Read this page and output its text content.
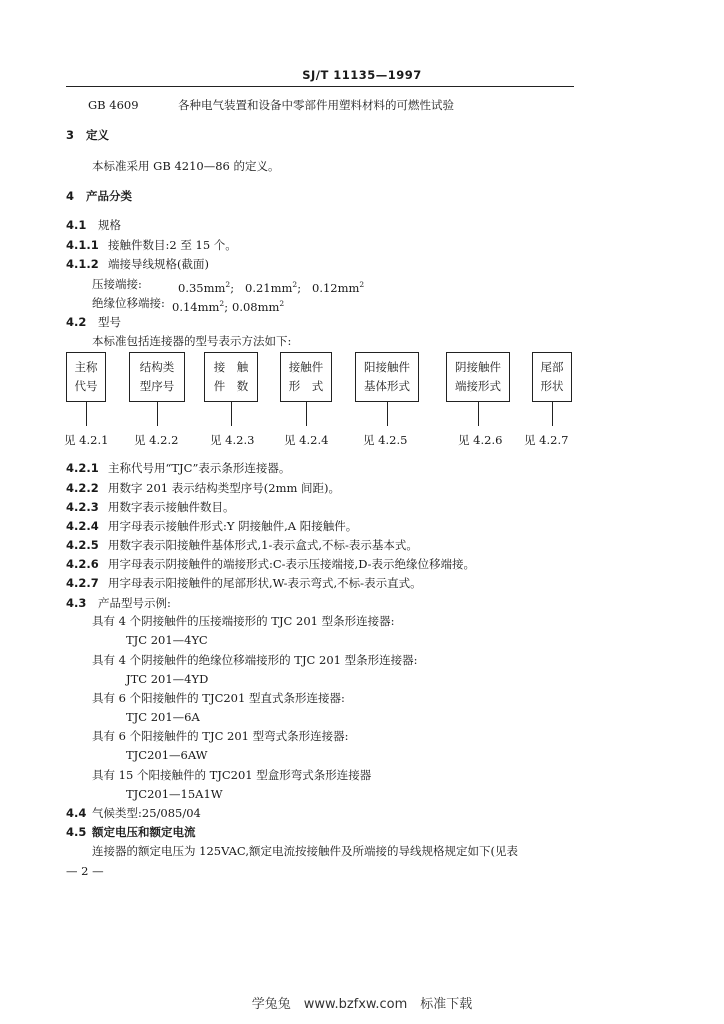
SJ/T 11135—1997
GB 4609	各种电气装置和设备中零部件用塑料材料的可燃性试验
3 定义
本标准采用 GB 4210—86 的定义。
4 产品分类
4.1 规格
4.1.1 接触件数目:2 至 15 个。
4.1.2 端接导线规格(截面)
压接端接:	$0.35mm^2$; $0.21mm^2$; $0.12mm^2$
绝缘位移端接: $0.14mm^2$; $0.08mm^2$
4.2 型号
本标准包括连接器的型号表示方法如下:
主称
代号
结构类
型序号
接　触
件　数
接触件
形　式
阳接触件
基体形式
阴接触件
端接形式
尾部
形状
见 4.2.1 见 4.2.2	见 4.2.3	见 4.2.4	见 4.2.5	见 4.2.6 见 4.2.7
4.2.1 主称代号用“TJC”表示条形连接器。
4.2.2 用数字 201 表示结构类型序号(2mm 间距)。
4.2.3 用数字表示接触件数目。
4.2.4 用字母表示接触件形式:Y 阴接触件,A 阳接触件。
4.2.5 用数字表示阳接触件基体形式,1-表示盒式,不标-表示基本式。
4.2.6 用字母表示阴接触件的端接形式:C-表示压接端接,D-表示绝缘位移端接。
4.2.7 用字母表示阳接触件的尾部形状,W-表示弯式,不标-表示直式。
4.3 产品型号示例:
具有 4 个阴接触件的压接端接形的 TJC 201 型条形连接器:
TJC 201—4YC
具有 4 个阴接触件的绝缘位移端接形的 TJC 201 型条形连接器:
JTC 201—4YD
具有 6 个阳接触件的 TJC201 型直式条形连接器:
TJC 201—6A
具有 6 个阳接触件的 TJC 201 型弯式条形连接器:
TJC201—6AW
具有 15 个阳接触件的 TJC201 型盒形弯式条形连接器
TJC201—15A1W
4.4 气候类型:25/085/04
4.5 额定电压和额定电流
连接器的额定电压为 125VAC,额定电流按接触件及所端接的导线规格规定如下(见表
— 2 —
学兔兔　www.bzfxw.com　标准下载
